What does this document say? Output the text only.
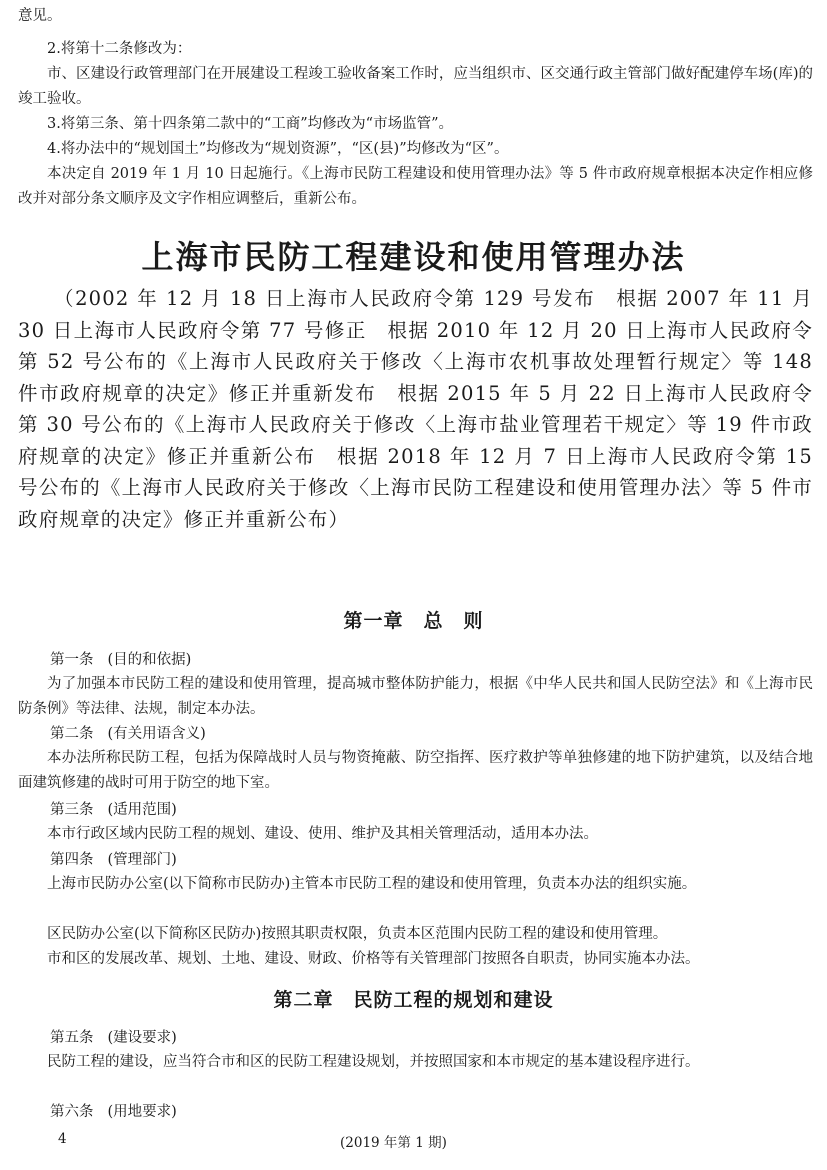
意见。

2.将第十二条修改为：

市、区建设行政管理部门在开展建设工程竣工验收备案工作时，应当组织市、区交通行政主管部门做好配建停车场(库)的竣工验收。

3.将第三条、第十四条第二款中的“工商”均修改为“市场监管”。

4.将办法中的“规划国土”均修改为“规划资源”，“区(县)”均修改为“区”。

本决定自 2019 年 1 月 10 日起施行。《上海市民防工程建设和使用管理办法》等 5 件市政府规章根据本决定作相应修改并对部分条文顺序及文字作相应调整后，重新公布。

上海市民防工程建设和使用管理办法

（2002 年 12 月 18 日上海市人民政府令第 129 号发布　根据 2007 年 11 月 30 日上海市人民政府令第 77 号修正　根据 2010 年 12 月 20 日上海市人民政府令第 52 号公布的《上海市人民政府关于修改〈上海市农机事故处理暂行规定〉等 148 件市政府规章的决定》修正并重新发布　根据 2015 年 5 月 22 日上海市人民政府令第 30 号公布的《上海市人民政府关于修改〈上海市盐业管理若干规定〉等 19 件市政府规章的决定》修正并重新公布　根据 2018 年 12 月 7 日上海市人民政府令第 15 号公布的《上海市人民政府关于修改〈上海市民防工程建设和使用管理办法〉等 5 件市政府规章的决定》修正并重新公布）

第一章　总　则

第一条 (目的和依据)

为了加强本市民防工程的建设和使用管理，提高城市整体防护能力，根据《中华人民共和国人民防空法》和《上海市民防条例》等法律、法规，制定本办法。

第二条 (有关用语含义)

本办法所称民防工程，包括为保障战时人员与物资掩蔽、防空指挥、医疗救护等单独修建的地下防护建筑，以及结合地面建筑修建的战时可用于防空的地下室。

第三条 (适用范围)

本市行政区域内民防工程的规划、建设、使用、维护及其相关管理活动，适用本办法。

第四条 (管理部门)

上海市民防办公室(以下简称市民防办)主管本市民防工程的建设和使用管理，负责本办法的组织实施。

区民防办公室(以下简称区民防办)按照其职责权限，负责本区范围内民防工程的建设和使用管理。

市和区的发展改革、规划、土地、建设、财政、价格等有关管理部门按照各自职责，协同实施本办法。

第二章　民防工程的规划和建设

第五条 (建设要求)

民防工程的建设，应当符合市和区的民防工程建设规划，并按照国家和本市规定的基本建设程序进行。

第六条 (用地要求)

4	(2019 年第 1 期)
